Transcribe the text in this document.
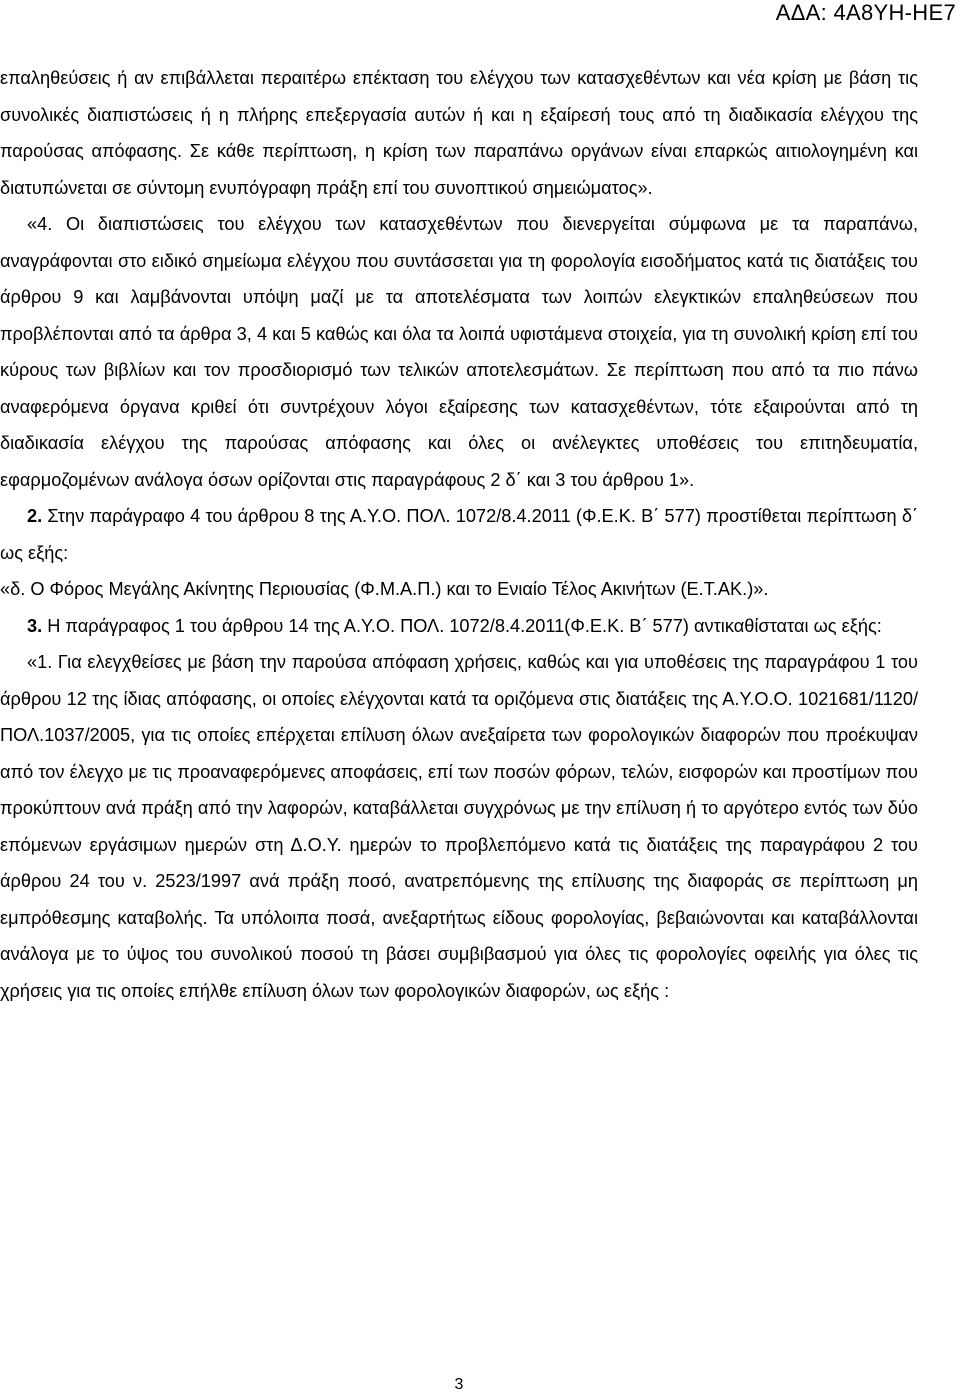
ΑΔΑ: 4Α8ΥΗ-ΗΕ7

επαληθεύσεις ή αν επιβάλλεται περαιτέρω επέκταση του ελέγχου των κατασχεθέντων και νέα κρίση με βάση τις συνολικές διαπιστώσεις ή η πλήρης επεξεργασία αυτών ή και η εξαίρεσή τους από τη διαδικασία ελέγχου της παρούσας απόφασης. Σε κάθε περίπτωση, η κρίση των παραπάνω οργάνων είναι επαρκώς αιτιολογημένη και διατυπώνεται σε σύντομη ενυπόγραφη πράξη επί του συνοπτικού σημειώματος».

«4. Οι διαπιστώσεις του ελέγχου των κατασχεθέντων που διενεργείται σύμφωνα με τα παραπάνω, αναγράφονται στο ειδικό σημείωμα ελέγχου που συντάσσεται για τη φορολογία εισοδήματος κατά τις διατάξεις του άρθρου 9 και λαμβάνονται υπόψη μαζί με τα αποτελέσματα των λοιπών ελεγκτικών επαληθεύσεων που προβλέπονται από τα άρθρα 3, 4 και 5 καθώς και όλα τα λοιπά υφιστάμενα στοιχεία, για τη συνολική κρίση επί του κύρους των βιβλίων και τον προσδιορισμό των τελικών αποτελεσμάτων. Σε περίπτωση που από τα πιο πάνω αναφερόμενα όργανα κριθεί ότι συντρέχουν λόγοι εξαίρεσης των κατασχεθέντων, τότε εξαιρούνται από τη διαδικασία ελέγχου της παρούσας απόφασης και όλες οι ανέλεγκτες υποθέσεις του επιτηδευματία, εφαρμοζομένων ανάλογα όσων ορίζονται στις παραγράφους 2 δ΄ και 3 του άρθρου 1».

2. Στην παράγραφο 4 του άρθρου 8 της Α.Υ.Ο. ΠΟΛ. 1072/8.4.2011 (Φ.Ε.Κ. Β΄ 577) προστίθεται περίπτωση δ΄ ως εξής:

«δ. Ο Φόρος Μεγάλης Ακίνητης Περιουσίας (Φ.Μ.Α.Π.) και το Ενιαίο Τέλος Ακινήτων (Ε.Τ.ΑΚ.)».

3. Η παράγραφος 1 του άρθρου 14 της Α.Υ.Ο. ΠΟΛ. 1072/8.4.2011(Φ.Ε.Κ. Β΄ 577) αντικαθίσταται ως εξής:

«1. Για ελεγχθείσες με βάση την παρούσα απόφαση χρήσεις, καθώς και για υποθέσεις της παραγράφου 1 του άρθρου 12 της ίδιας απόφασης, οι οποίες ελέγχονται κατά τα οριζόμενα στις διατάξεις της Α.Υ.Ο.Ο. 1021681/1120/ΠΟΛ.1037/2005, για τις οποίες επέρχεται επίλυση όλων ανεξαίρετα των φορολογικών διαφορών που προέκυψαν από τον έλεγχο με τις προαναφερόμενες αποφάσεις, επί των ποσών φόρων, τελών, εισφορών και προστίμων που προκύπτουν ανά πράξη από την λαφορών, καταβάλλεται συγχρόνως με την επίλυση ή το αργότερο εντός των δύο επόμενων εργάσιμων ημερών στη Δ.Ο.Υ. ημερών το προβλεπόμενο κατά τις διατάξεις της παραγράφου 2 του άρθρου 24 του ν. 2523/1997 ανά πράξη ποσό, ανατρεπόμενης της επίλυσης της διαφοράς σε περίπτωση μη εμπρόθεσμης καταβολής. Τα υπόλοιπα ποσά, ανεξαρτήτως είδους φορολογίας, βεβαιώνονται και καταβάλλονται ανάλογα με το ύψος του συνολικού ποσού τη βάσει συμβιβασμού για όλες τις φορολογίες οφειλής για όλες τις χρήσεις για τις οποίες επήλθε επίλυση όλων των φορολογικών διαφορών, ως εξής :

3
